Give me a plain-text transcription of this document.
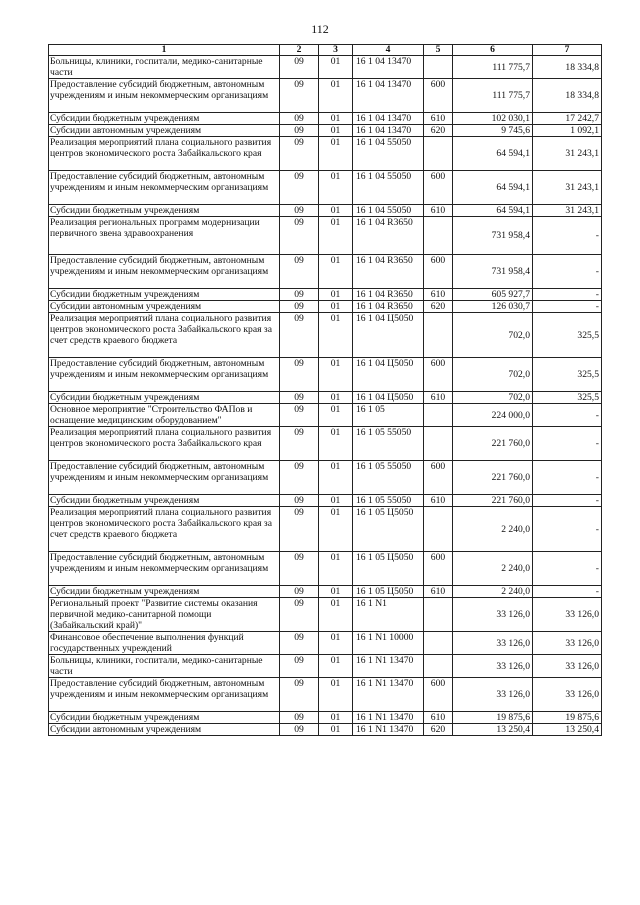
112
1	2	3	4	5	6	7
Больницы, клиники, госпитали, медико-санитарные части	09	01	16 1 04 13470		111 775,7	18 334,8
Предоставление субсидий бюджетным, автономным учреждениям и иным некоммерческим организациям	09	01	16 1 04 13470	600	111 775,7	18 334,8
Субсидии бюджетным учреждениям	09	01	16 1 04 13470	610	102 030,1	17 242,7
Субсидии автономным учреждениям	09	01	16 1 04 13470	620	9 745,6	1 092,1
Реализация мероприятий плана социального развития центров экономического роста Забайкальского края	09	01	16 1 04 55050		64 594,1	31 243,1
Предоставление субсидий бюджетным, автономным учреждениям и иным некоммерческим организациям	09	01	16 1 04 55050	600	64 594,1	31 243,1
Субсидии бюджетным учреждениям	09	01	16 1 04 55050	610	64 594,1	31 243,1
Реализация региональных программ модернизации первичного звена здравоохранения	09	01	16 1 04 R3650		731 958,4	-
Предоставление субсидий бюджетным, автономным учреждениям и иным некоммерческим организациям	09	01	16 1 04 R3650	600	731 958,4	-
Субсидии бюджетным учреждениям	09	01	16 1 04 R3650	610	605 927,7	-
Субсидии автономным учреждениям	09	01	16 1 04 R3650	620	126 030,7	-
Реализация мероприятий плана социального развития центров экономического роста Забайкальского края за счет средств краевого бюджета	09	01	16 1 04 Ц5050		702,0	325,5
Предоставление субсидий бюджетным, автономным учреждениям и иным некоммерческим организациям	09	01	16 1 04 Ц5050	600	702,0	325,5
Субсидии бюджетным учреждениям	09	01	16 1 04 Ц5050	610	702,0	325,5
Основное мероприятие "Строительство ФАПов и оснащение медицинским оборудованием"	09	01	16 1 05		224 000,0	-
Реализация мероприятий плана социального развития центров экономического роста Забайкальского края	09	01	16 1 05 55050		221 760,0	-
Предоставление субсидий бюджетным, автономным учреждениям и иным некоммерческим организациям	09	01	16 1 05 55050	600	221 760,0	-
Субсидии бюджетным учреждениям	09	01	16 1 05 55050	610	221 760,0	-
Реализация мероприятий плана социального развития центров экономического роста Забайкальского края за счет средств краевого бюджета	09	01	16 1 05 Ц5050		2 240,0	-
Предоставление субсидий бюджетным, автономным учреждениям и иным некоммерческим организациям	09	01	16 1 05 Ц5050	600	2 240,0	-
Субсидии бюджетным учреждениям	09	01	16 1 05 Ц5050	610	2 240,0	-
Региональный проект "Развитие системы оказания первичной медико-санитарной помощи (Забайкальский край)"	09	01	16 1 N1		33 126,0	33 126,0
Финансовое обеспечение выполнения функций государственных учреждений	09	01	16 1 N1 10000		33 126,0	33 126,0
Больницы, клиники, госпитали, медико-санитарные части	09	01	16 1 N1 13470		33 126,0	33 126,0
Предоставление субсидий бюджетным, автономным учреждениям и иным некоммерческим организациям	09	01	16 1 N1 13470	600	33 126,0	33 126,0
Субсидии бюджетным учреждениям	09	01	16 1 N1 13470	610	19 875,6	19 875,6
Субсидии автономным учреждениям	09	01	16 1 N1 13470	620	13 250,4	13 250,4
